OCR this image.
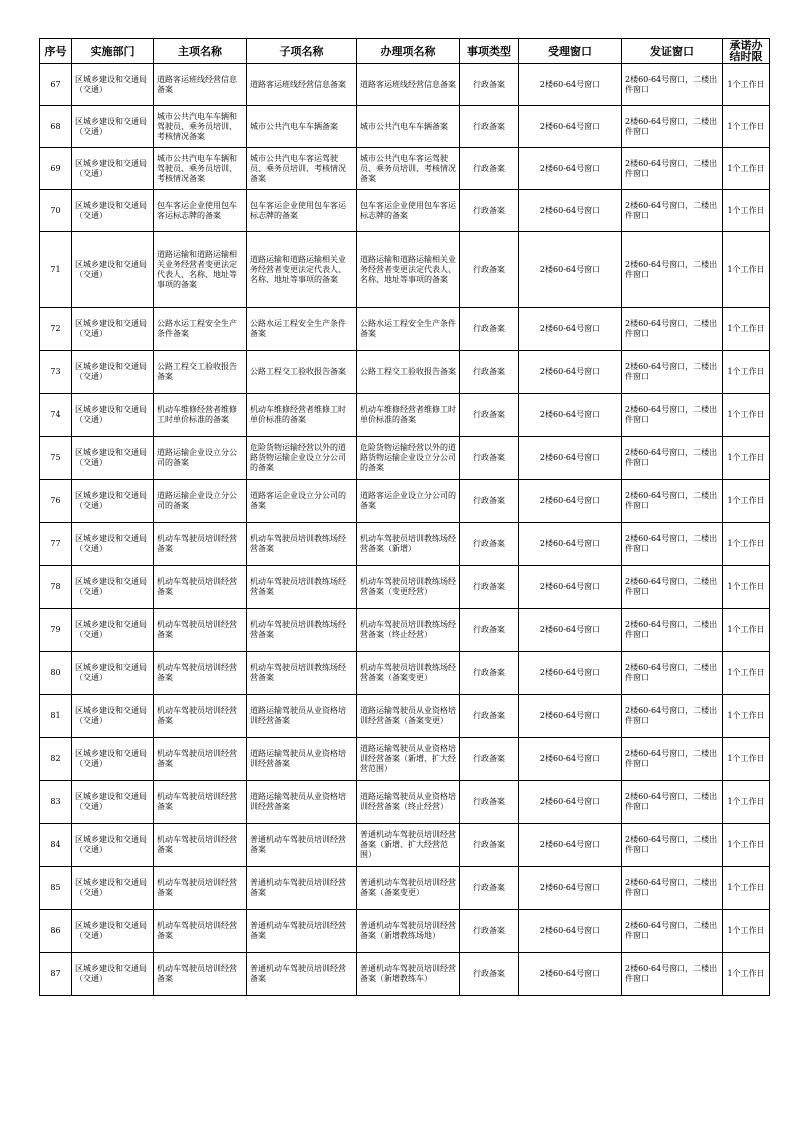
序号	实施部门	主项名称	子项名称	办理项名称	事项类型	受理窗口	发证窗口	承诺办结时限
67	区城乡建设和交通局（交通）	道路客运班线经营信息备案	道路客运班线经营信息备案	道路客运班线经营信息备案	行政备案	2楼60-64号窗口	2楼60-64号窗口，二楼出件窗口	1个工作日
68	区城乡建设和交通局（交通）	城市公共汽电车车辆和驾驶员、乘务员培训、考核情况备案	城市公共汽电车车辆备案	城市公共汽电车车辆备案	行政备案	2楼60-64号窗口	2楼60-64号窗口，二楼出件窗口	1个工作日
69	区城乡建设和交通局（交通）	城市公共汽电车车辆和驾驶员、乘务员培训、考核情况备案	城市公共汽电车客运驾驶员、乘务员培训、考核情况备案	城市公共汽电车客运驾驶员、乘务员培训、考核情况备案	行政备案	2楼60-64号窗口	2楼60-64号窗口，二楼出件窗口	1个工作日
70	区城乡建设和交通局（交通）	包车客运企业使用包车客运标志牌的备案	包车客运企业使用包车客运标志牌的备案	包车客运企业使用包车客运标志牌的备案	行政备案	2楼60-64号窗口	2楼60-64号窗口，二楼出件窗口	1个工作日
71	区城乡建设和交通局（交通）	道路运输和道路运输相关业务经营者变更法定代表人、名称、地址等事项的备案	道路运输和道路运输相关业务经营者变更法定代表人、名称、地址等事项的备案	道路运输和道路运输相关业务经营者变更法定代表人、名称、地址等事项的备案	行政备案	2楼60-64号窗口	2楼60-64号窗口，二楼出件窗口	1个工作日
72	区城乡建设和交通局（交通）	公路水运工程安全生产条件备案	公路水运工程安全生产条件备案	公路水运工程安全生产条件备案	行政备案	2楼60-64号窗口	2楼60-64号窗口，二楼出件窗口	1个工作日
73	区城乡建设和交通局（交通）	公路工程交工验收报告备案	公路工程交工验收报告备案	公路工程交工验收报告备案	行政备案	2楼60-64号窗口	2楼60-64号窗口，二楼出件窗口	1个工作日
74	区城乡建设和交通局（交通）	机动车维修经营者维修工时单价标准的备案	机动车维修经营者维修工时单价标准的备案	机动车维修经营者维修工时单价标准的备案	行政备案	2楼60-64号窗口	2楼60-64号窗口，二楼出件窗口	1个工作日
75	区城乡建设和交通局（交通）	道路运输企业设立分公司的备案	危险货物运输经营以外的道路货物运输企业设立分公司的备案	危险货物运输经营以外的道路货物运输企业设立分公司的备案	行政备案	2楼60-64号窗口	2楼60-64号窗口，二楼出件窗口	1个工作日
76	区城乡建设和交通局（交通）	道路运输企业设立分公司的备案	道路客运企业设立分公司的备案	道路客运企业设立分公司的备案	行政备案	2楼60-64号窗口	2楼60-64号窗口，二楼出件窗口	1个工作日
77	区城乡建设和交通局（交通）	机动车驾驶员培训经营备案	机动车驾驶员培训教练场经营备案	机动车驾驶员培训教练场经营备案（新增）	行政备案	2楼60-64号窗口	2楼60-64号窗口，二楼出件窗口	1个工作日
78	区城乡建设和交通局（交通）	机动车驾驶员培训经营备案	机动车驾驶员培训教练场经营备案	机动车驾驶员培训教练场经营备案（变更经营）	行政备案	2楼60-64号窗口	2楼60-64号窗口，二楼出件窗口	1个工作日
79	区城乡建设和交通局（交通）	机动车驾驶员培训经营备案	机动车驾驶员培训教练场经营备案	机动车驾驶员培训教练场经营备案（终止经营）	行政备案	2楼60-64号窗口	2楼60-64号窗口，二楼出件窗口	1个工作日
80	区城乡建设和交通局（交通）	机动车驾驶员培训经营备案	机动车驾驶员培训教练场经营备案	机动车驾驶员培训教练场经营备案（备案变更）	行政备案	2楼60-64号窗口	2楼60-64号窗口，二楼出件窗口	1个工作日
81	区城乡建设和交通局（交通）	机动车驾驶员培训经营备案	道路运输驾驶员从业资格培训经营备案	道路运输驾驶员从业资格培训经营备案（备案变更）	行政备案	2楼60-64号窗口	2楼60-64号窗口，二楼出件窗口	1个工作日
82	区城乡建设和交通局（交通）	机动车驾驶员培训经营备案	道路运输驾驶员从业资格培训经营备案	道路运输驾驶员从业资格培训经营备案（新增、扩大经营范围）	行政备案	2楼60-64号窗口	2楼60-64号窗口，二楼出件窗口	1个工作日
83	区城乡建设和交通局（交通）	机动车驾驶员培训经营备案	道路运输驾驶员从业资格培训经营备案	道路运输驾驶员从业资格培训经营备案（终止经营）	行政备案	2楼60-64号窗口	2楼60-64号窗口，二楼出件窗口	1个工作日
84	区城乡建设和交通局（交通）	机动车驾驶员培训经营备案	普通机动车驾驶员培训经营备案	普通机动车驾驶员培训经营备案（新增、扩大经营范围）	行政备案	2楼60-64号窗口	2楼60-64号窗口，二楼出件窗口	1个工作日
85	区城乡建设和交通局（交通）	机动车驾驶员培训经营备案	普通机动车驾驶员培训经营备案	普通机动车驾驶员培训经营备案（备案变更）	行政备案	2楼60-64号窗口	2楼60-64号窗口，二楼出件窗口	1个工作日
86	区城乡建设和交通局（交通）	机动车驾驶员培训经营备案	普通机动车驾驶员培训经营备案	普通机动车驾驶员培训经营备案（新增教练场地）	行政备案	2楼60-64号窗口	2楼60-64号窗口，二楼出件窗口	1个工作日
87	区城乡建设和交通局（交通）	机动车驾驶员培训经营备案	普通机动车驾驶员培训经营备案	普通机动车驾驶员培训经营备案（新增教练车）	行政备案	2楼60-64号窗口	2楼60-64号窗口，二楼出件窗口	1个工作日
